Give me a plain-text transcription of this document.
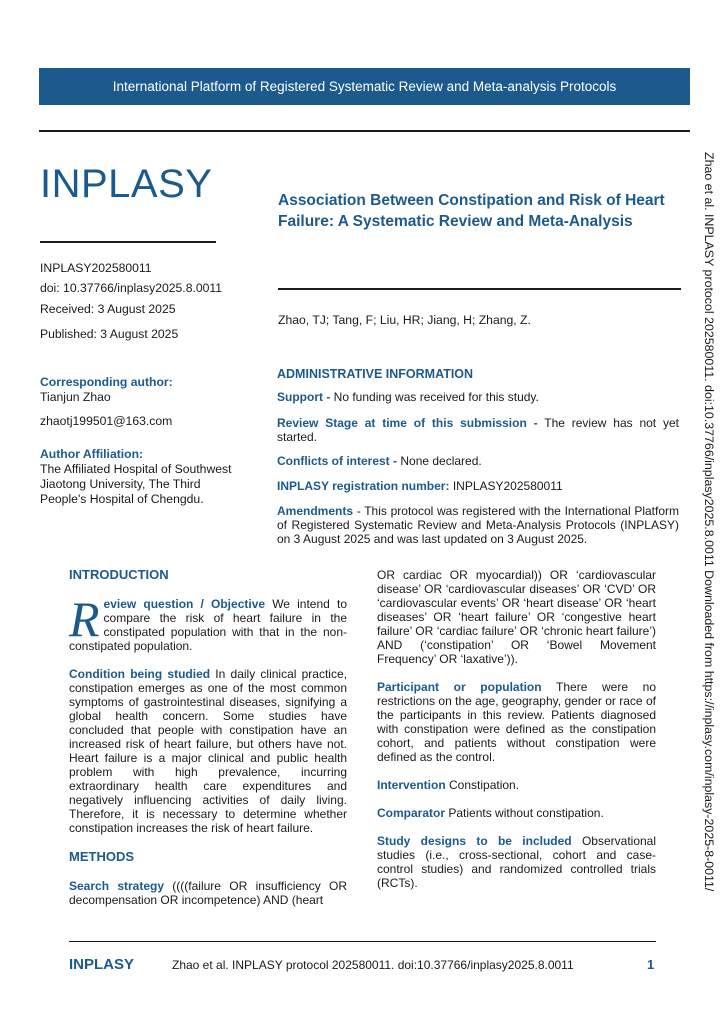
International Platform of Registered Systematic Review and Meta-analysis Protocols
INPLASY
INPLASY202580011
doi: 10.37766/inplasy2025.8.0011
Received: 3 August 2025
Published: 3 August 2025
Corresponding author:
Tianjun Zhao
zhaotj199501@163.com
Author Affiliation:
The Affiliated Hospital of Southwest Jiaotong University, The Third People's Hospital of Chengdu.
Association Between Constipation and Risk of Heart Failure: A Systematic Review and Meta-Analysis
Zhao, TJ; Tang, F; Liu, HR; Jiang, H; Zhang, Z.
ADMINISTRATIVE INFORMATION

Support - No funding was received for this study.

Review Stage at time of this submission - The review has not yet started.

Conflicts of interest - None declared.

INPLASY registration number: INPLASY202580011

Amendments - This protocol was registered with the International Platform of Registered Systematic Review and Meta-Analysis Protocols (INPLASY) on 3 August 2025 and was last updated on 3 August 2025.

INTRODUCTION

Review question / Objective We intend to compare the risk of heart failure in the constipated population with that in the non-constipated population.

Condition being studied In daily clinical practice, constipation emerges as one of the most common symptoms of gastrointestinal diseases, signifying a global health concern. Some studies have concluded that people with constipation have an increased risk of heart failure, but others have not. Heart failure is a major clinical and public health problem with high prevalence, incurring extraordinary health care expenditures and negatively influencing activities of daily living. Therefore, it is necessary to determine whether constipation increases the risk of heart failure.

METHODS

Search strategy ((((failure OR insufficiency OR decompensation OR incompetence) AND (heart

OR cardiac OR myocardial)) OR ‘cardiovascular disease’ OR ‘cardiovascular diseases’ OR ‘CVD’ OR ‘cardiovascular events’ OR ‘heart disease’ OR ‘heart diseases’ OR ‘heart failure’ OR ‘congestive heart failure’ OR ‘cardiac failure’ OR ‘chronic heart failure’) AND (‘constipation’ OR ‘Bowel Movement Frequency’ OR ‘laxative’)).

Participant or population There were no restrictions on the age, geography, gender or race of the participants in this review. Patients diagnosed with constipation were defined as the constipation cohort, and patients without constipation were defined as the control.

Intervention Constipation.

Comparator Patients without constipation.

Study designs to be included Observational studies (i.e., cross-sectional, cohort and case-control studies) and randomized controlled trials (RCTs).	Zhao et al. INPLASY protocol 202580011. doi:10.37766/inplasy2025.8.0011 Downloaded from https://inplasy.com/inplasy-2025-8-0011/
INPLASY	Zhao et al. INPLASY protocol 202580011. doi:10.37766/inplasy2025.8.0011	1
